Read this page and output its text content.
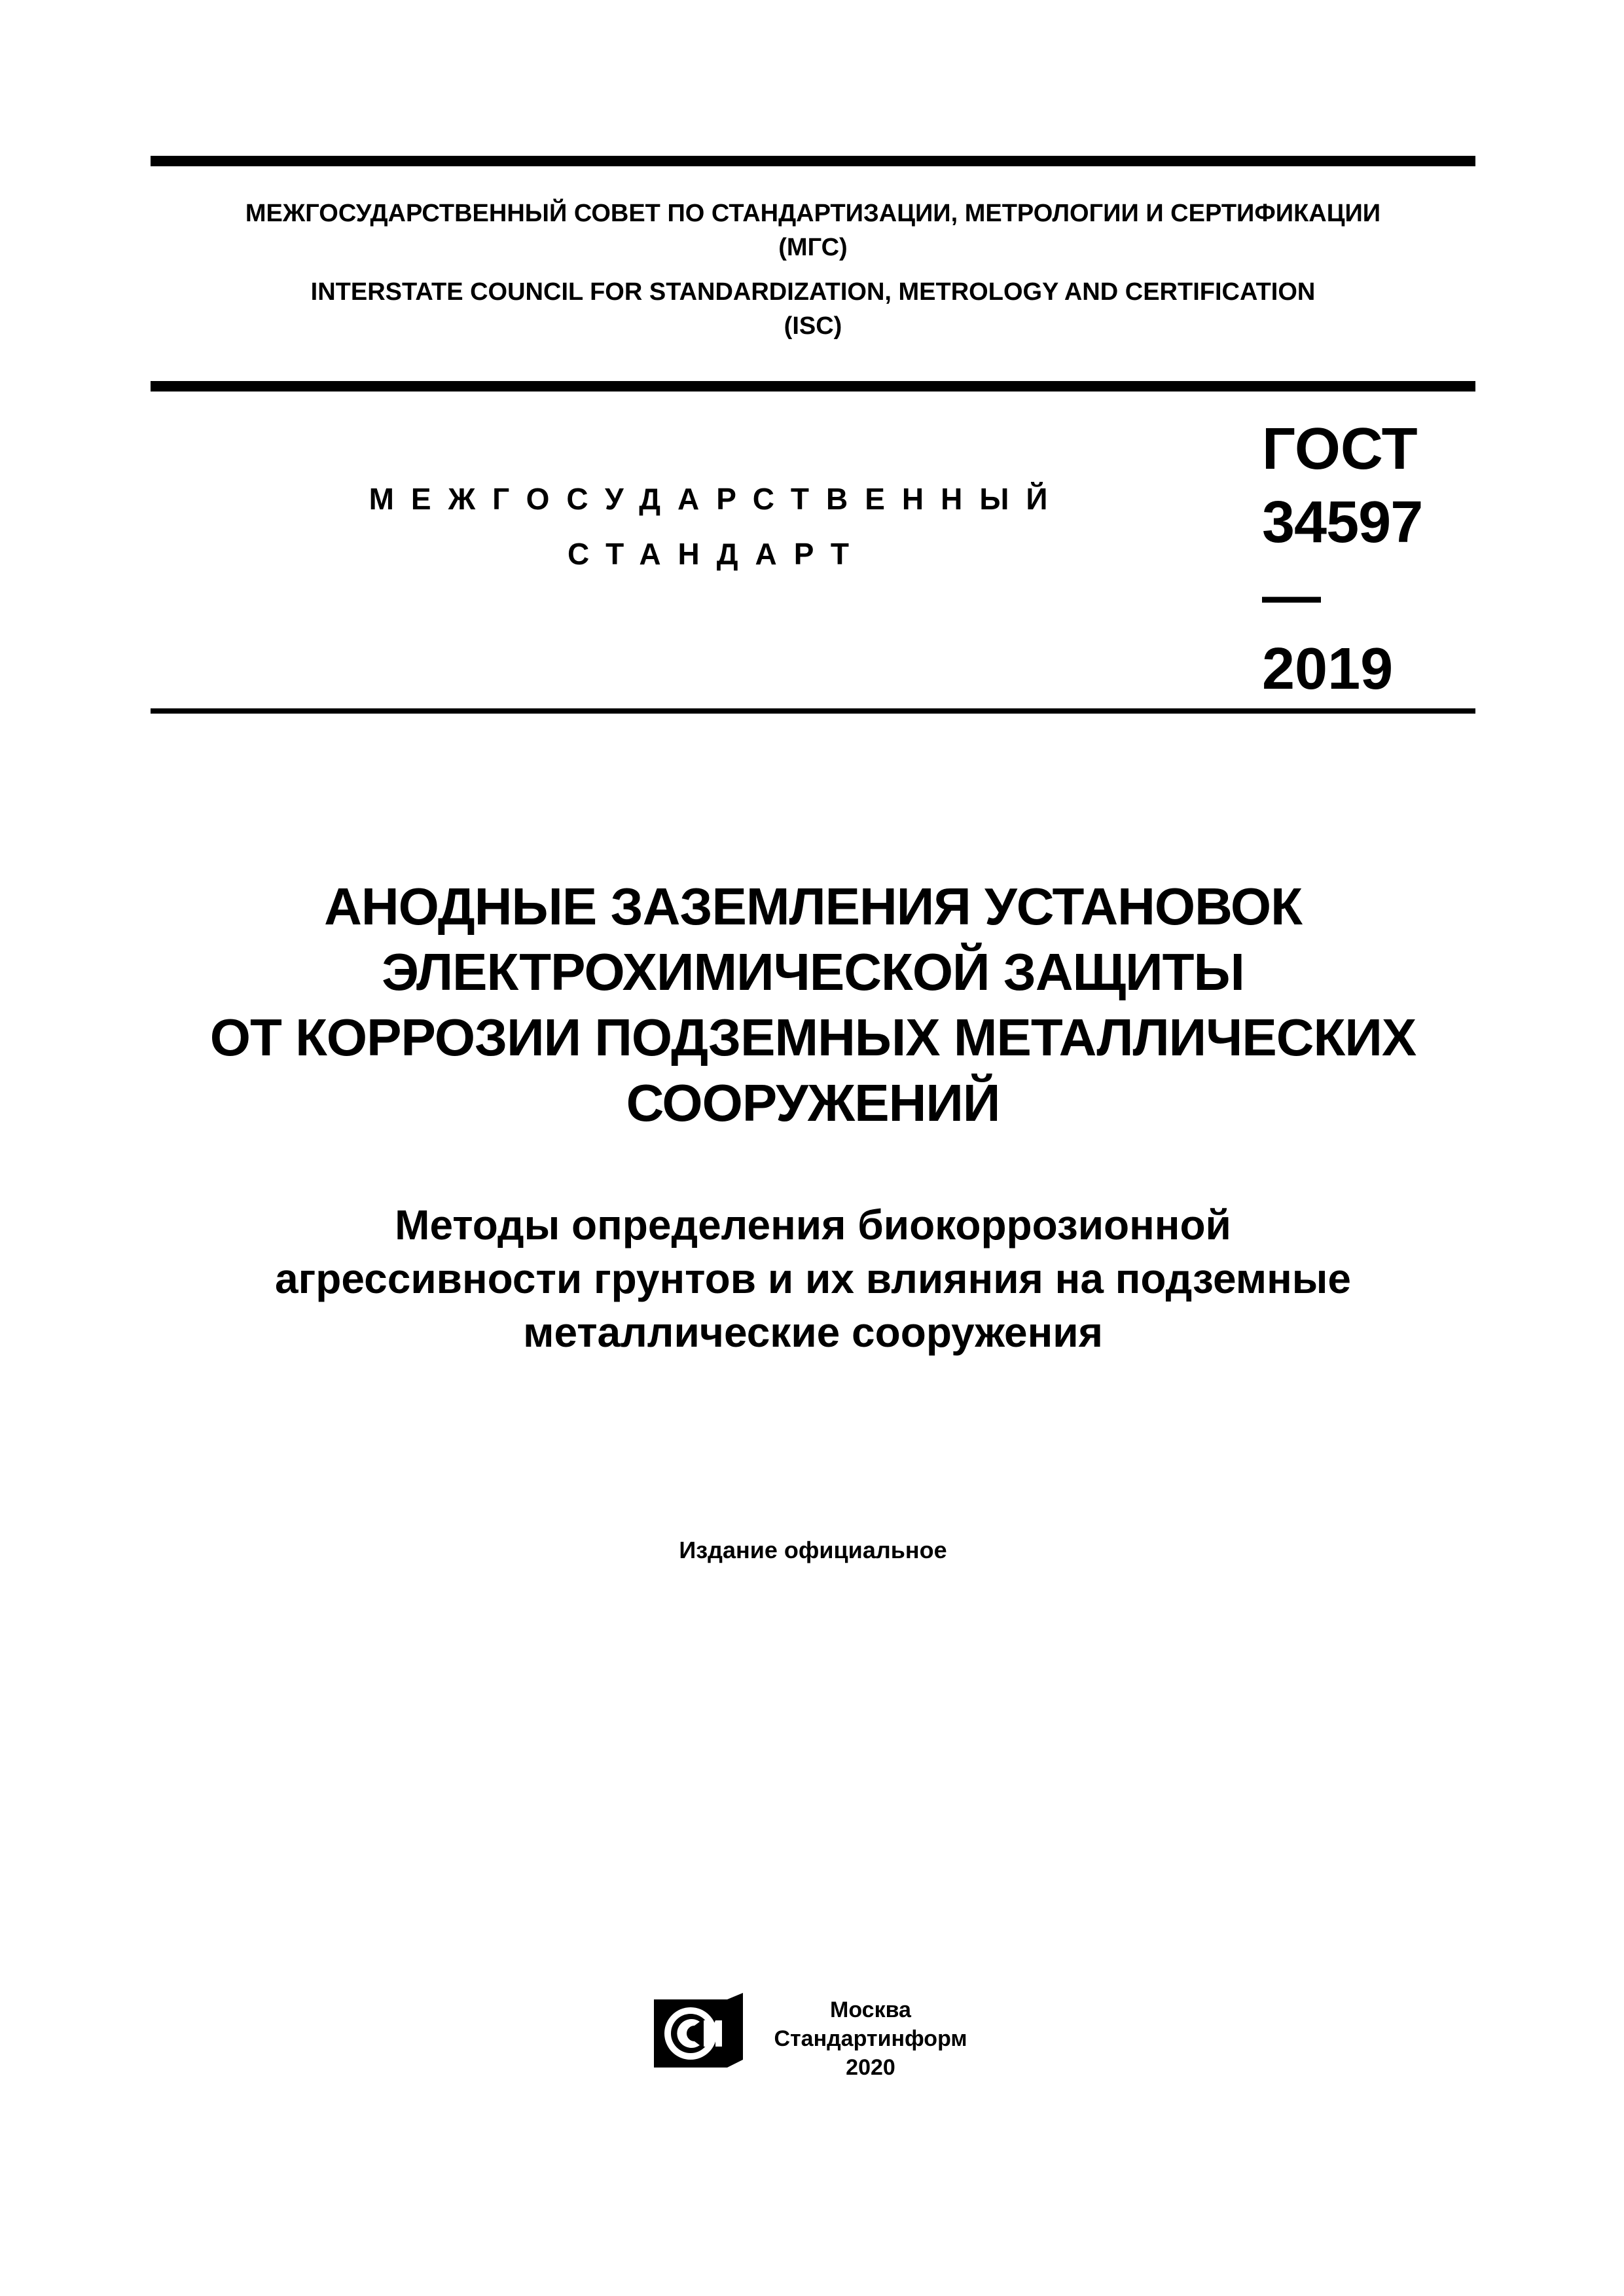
МЕЖГОСУДАРСТВЕННЫЙ СОВЕТ ПО СТАНДАРТИЗАЦИИ, МЕТРОЛОГИИ И СЕРТИФИКАЦИИ
(МГС)
INTERSTATE COUNCIL FOR STANDARDIZATION, METROLOGY AND CERTIFICATION
(ISC)
МЕЖГОСУДАРСТВЕННЫЙ
СТАНДАРТ
ГОСТ
34597—
2019
АНОДНЫЕ ЗАЗЕМЛЕНИЯ УСТАНОВОК
ЭЛЕКТРОХИМИЧЕСКОЙ ЗАЩИТЫ
ОТ КОРРОЗИИ ПОДЗЕМНЫХ МЕТАЛЛИЧЕСКИХ
СООРУЖЕНИЙ
Методы определения биокоррозионной
агрессивности грунтов и их влияния на подземные
металлические сооружения
Издание официальное
Москва
Стандартинформ
2020
